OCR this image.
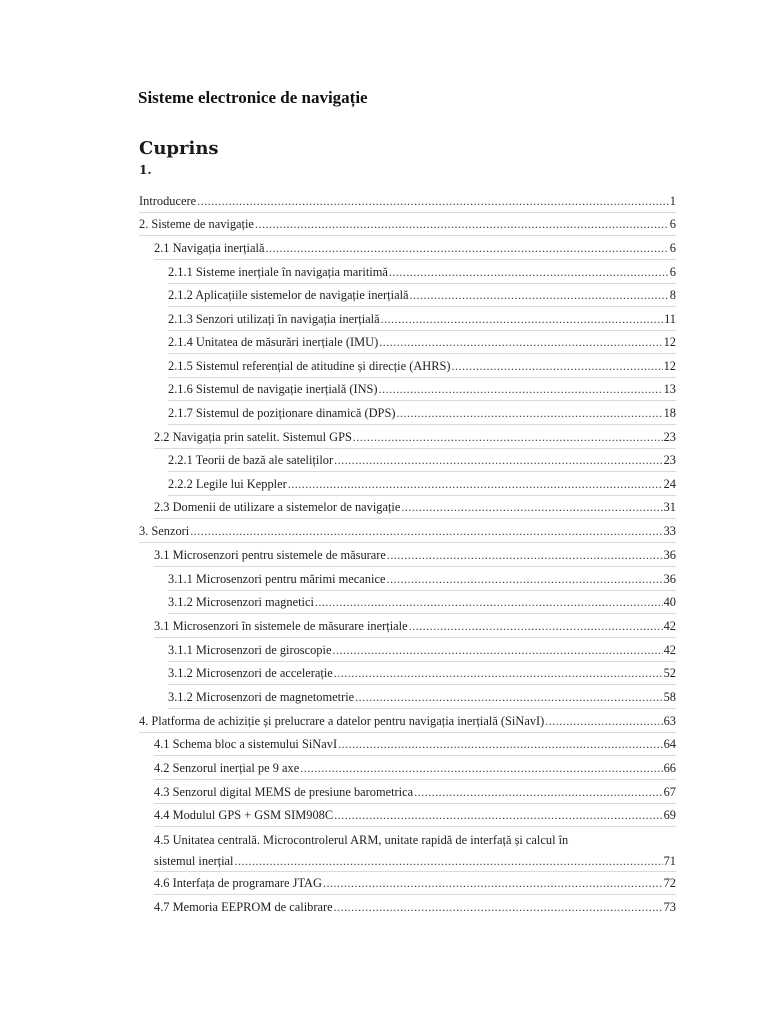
Sisteme electronice de navigație
Cuprins
1.
Introducere .....	1
2. Sisteme de navigație .....	6
2.1 Navigația inerțială .....	6
2.1.1 Sisteme inerțiale în navigația maritimă .....	6
2.1.2 Aplicațiile sistemelor de navigație inerțială .....	8
2.1.3 Senzori utilizați în navigația inerțială .....	11
2.1.4 Unitatea de măsurări inerțiale (IMU) .....	12
2.1.5 Sistemul referențial de atitudine și direcție (AHRS) .....	12
2.1.6 Sistemul de navigație inerțială (INS) .....	13
2.1.7 Sistemul de poziționare dinamică (DPS) .....	18
2.2 Navigația prin satelit. Sistemul GPS .....	23
2.2.1 Teorii de bază ale sateliților .....	23
2.2.2 Legile lui Keppler .....	24
2.3 Domenii de utilizare a sistemelor de navigație .....	31
3. Senzori .....	33
3.1 Microsenzori pentru sistemele de măsurare .....	36
3.1.1 Microsenzori pentru mărimi mecanice .....	36
3.1.2 Microsenzori magnetici .....	40
3.1 Microsenzori în sistemele de măsurare inerțiale .....	42
3.1.1 Microsenzori de giroscopie .....	42
3.1.2 Microsenzori de accelerație .....	52
3.1.2 Microsenzori de magnetometrie .....	58
4. Platforma de achiziție și prelucrare a datelor pentru navigația inerțială (SiNavI) .....	63
4.1 Schema bloc a sistemului SiNavI .....	64
4.2 Senzorul inerțial pe 9 axe .....	66
4.3 Senzorul digital MEMS de presiune barometrica .....	67
4.4 Modulul GPS + GSM SIM908C .....	69
4.5 Unitatea centrală. Microcontrolerul ARM, unitate rapidă de interfață și calcul în
sistemul inerțial .....	71
4.6 Interfața de programare JTAG .....	72
4.7 Memoria EEPROM de calibrare .....	73
